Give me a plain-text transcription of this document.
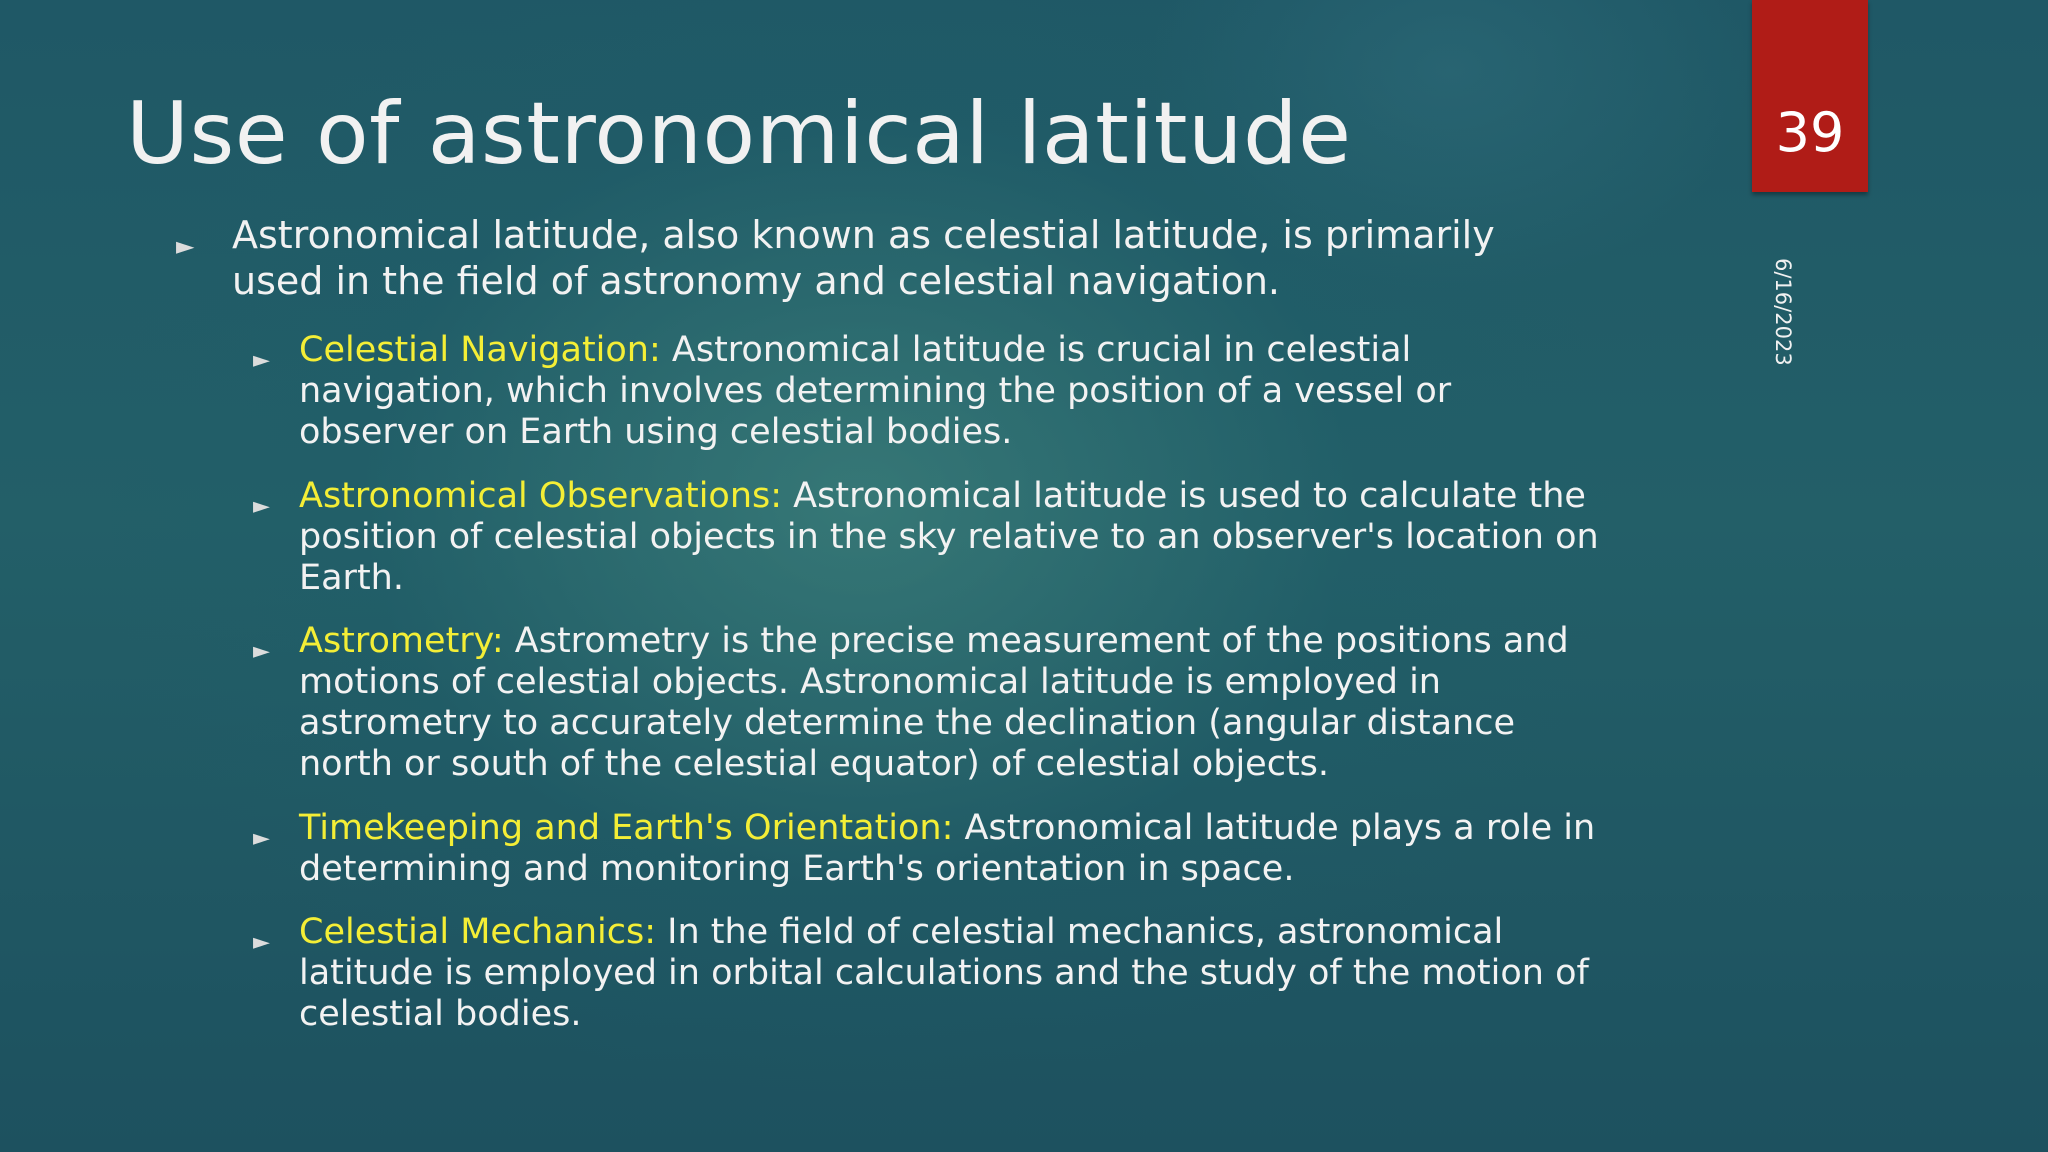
Use of astronomical latitude	39
6/16/2023
► Astronomical latitude, also known as celestial latitude, is primarily
used in the field of astronomy and celestial navigation.
► Celestial Navigation: Astronomical latitude is crucial in celestial
navigation, which involves determining the position of a vessel or
observer on Earth using celestial bodies.
► Astronomical Observations: Astronomical latitude is used to calculate the
position of celestial objects in the sky relative to an observer's location on
Earth.
► Astrometry: Astrometry is the precise measurement of the positions and
motions of celestial objects. Astronomical latitude is employed in
astrometry to accurately determine the declination (angular distance
north or south of the celestial equator) of celestial objects.
► Timekeeping and Earth's Orientation: Astronomical latitude plays a role in
determining and monitoring Earth's orientation in space.
► Celestial Mechanics: In the field of celestial mechanics, astronomical
latitude is employed in orbital calculations and the study of the motion of
celestial bodies.
